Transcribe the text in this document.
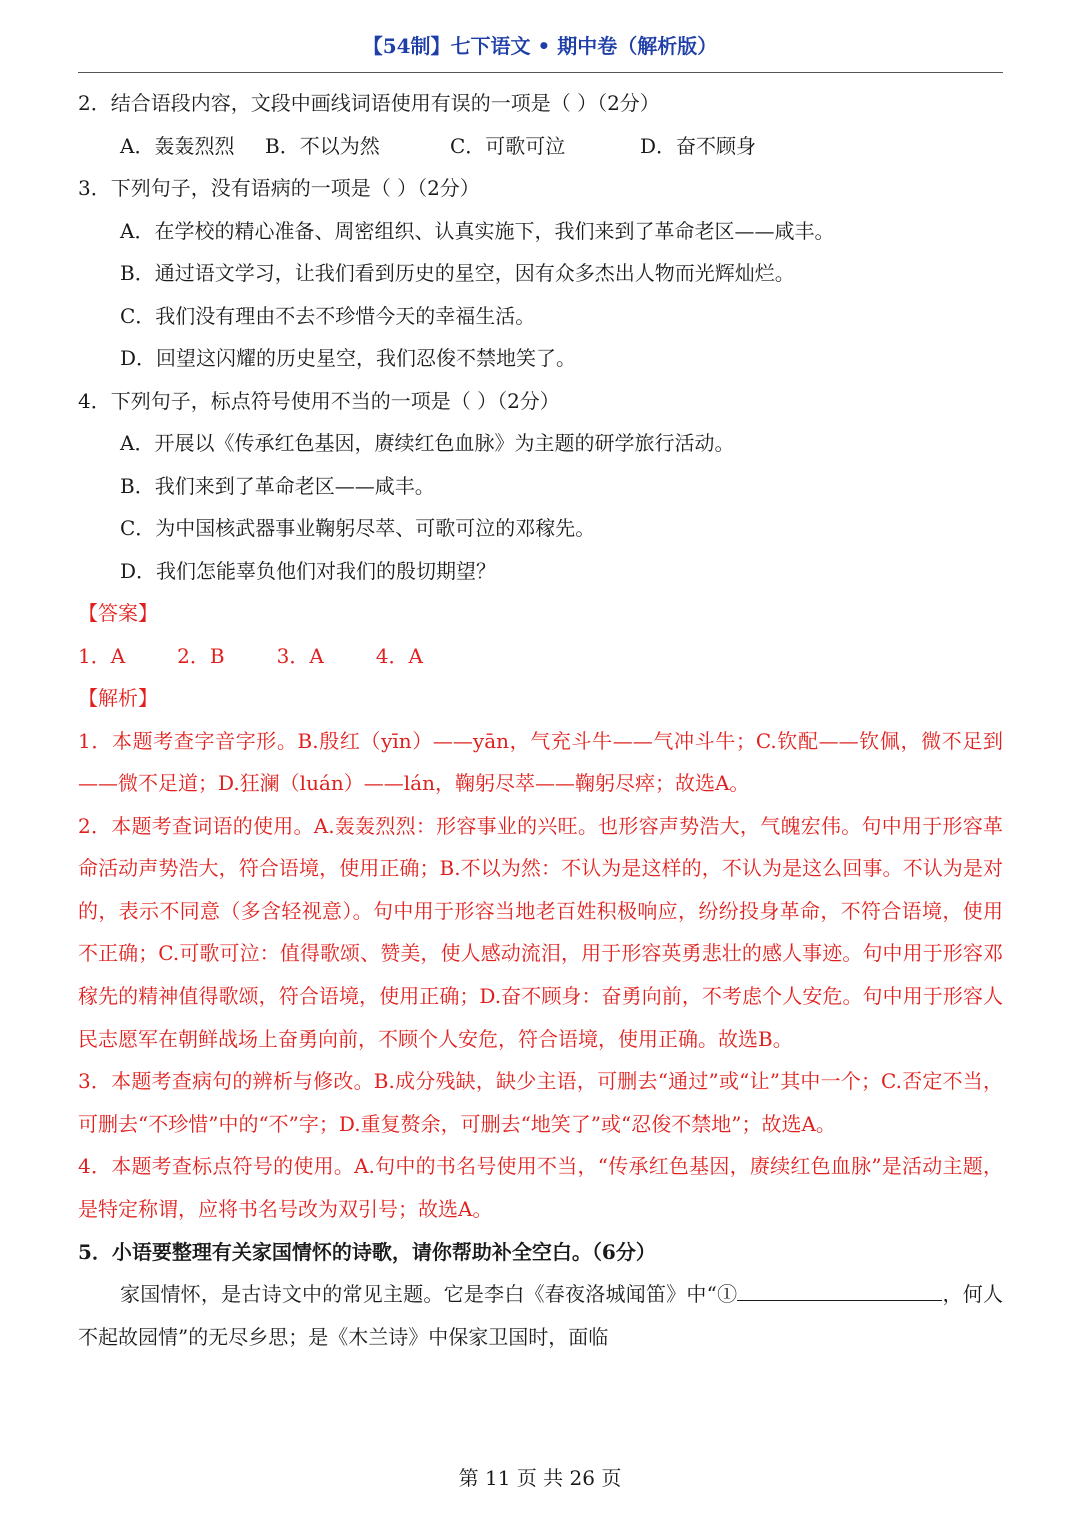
【54制】七下语文 • 期中卷（解析版）
2．结合语段内容，文段中画线词语使用有误的一项是（ ）（2分）
A．轰轰烈烈 B．不以为然	C．可歌可泣	D．奋不顾身
3．下列句子，没有语病的一项是（ ）（2分）
A．在学校的精心准备、周密组织、认真实施下，我们来到了革命老区——咸丰。
B．通过语文学习，让我们看到历史的星空，因有众多杰出人物而光辉灿烂。
C．我们没有理由不去不珍惜今天的幸福生活。
D．回望这闪耀的历史星空，我们忍俊不禁地笑了。
4．下列句子，标点符号使用不当的一项是（ ）（2分）
A．开展以《传承红色基因，赓续红色血脉》为主题的研学旅行活动。
B．我们来到了革命老区——咸丰。
C．为中国核武器事业鞠躬尽萃、可歌可泣的邓稼先。
D．我们怎能辜负他们对我们的殷切期望？
【答案】
1．A	2．B	3．A	4．A
【解析】
1．本题考查字音字形。B.殷红（yīn）——yān，气充斗牛——气冲斗牛；C.钦配——钦佩，微不足到——微不足道；D.狂澜（luán）——lán，鞠躬尽萃——鞠躬尽瘁；故选A。
2．本题考查词语的使用。A.轰轰烈烈：形容事业的兴旺。也形容声势浩大，气魄宏伟。句中用于形容革命活动声势浩大，符合语境，使用正确；B.不以为然：不认为是这样的，不认为是这么回事。不认为是对的，表示不同意（多含轻视意）。句中用于形容当地老百姓积极响应，纷纷投身革命，不符合语境，使用不正确；C.可歌可泣：值得歌颂、赞美，使人感动流泪，用于形容英勇悲壮的感人事迹。句中用于形容邓稼先的精神值得歌颂，符合语境，使用正确；D.奋不顾身：奋勇向前，不考虑个人安危。句中用于形容人民志愿军在朝鲜战场上奋勇向前，不顾个人安危，符合语境，使用正确。故选B。
3．本题考查病句的辨析与修改。B.成分残缺，缺少主语，可删去“通过”或“让”其中一个；C.否定不当，可删去“不珍惜”中的“不”字；D.重复赘余，可删去“地笑了”或“忍俊不禁地”；故选A。
4．本题考查标点符号的使用。A.句中的书名号使用不当，“传承红色基因，赓续红色血脉”是活动主题，是特定称谓，应将书名号改为双引号；故选A。
5．小语要整理有关家国情怀的诗歌，请你帮助补全空白。（6分）
家国情怀，是古诗文中的常见主题。它是李白《春夜洛城闻笛》中“①	，何人不起故园情”的无尽乡思；是《木兰诗》中保家卫国时，面临
第 11 页 共 26 页
